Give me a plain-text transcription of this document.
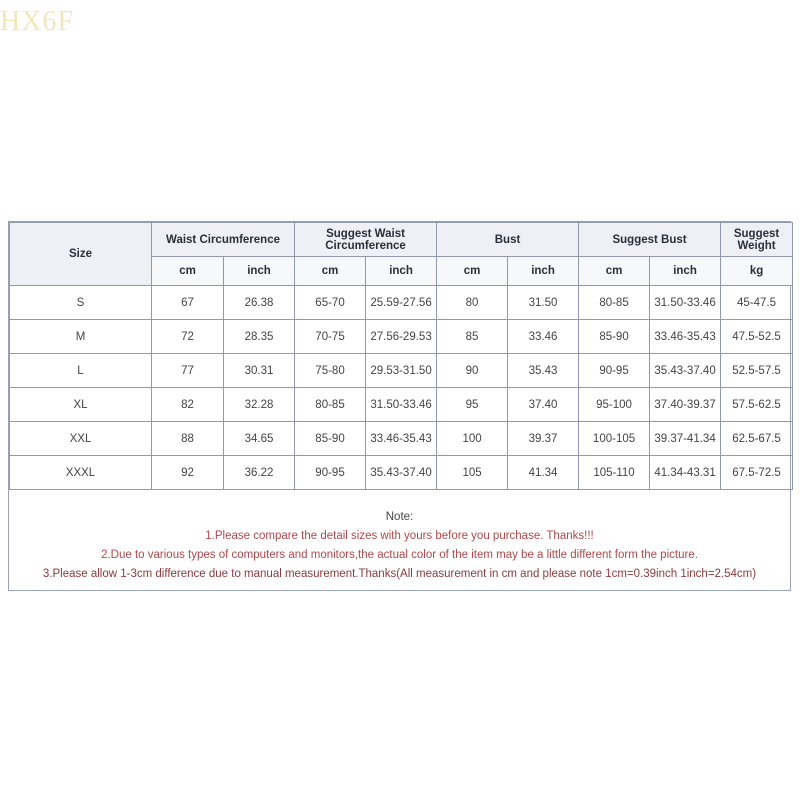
HX6F
Size	Waist Circumference		Suggest Waist Circumference		Bust		Suggest Bust		Suggest Weight
	cm	inch	cm	inch	cm	inch	cm	inch	kg
S	67	26.38	65-70	25.59-27.56	80	31.50	80-85	31.50-33.46	45-47.5
M	72	28.35	70-75	27.56-29.53	85	33.46	85-90	33.46-35.43	47.5-52.5
L	77	30.31	75-80	29.53-31.50	90	35.43	90-95	35.43-37.40	52.5-57.5
XL	82	32.28	80-85	31.50-33.46	95	37.40	95-100	37.40-39.37	57.5-62.5
XXL	88	34.65	85-90	33.46-35.43	100	39.37	100-105	39.37-41.34	62.5-67.5
XXXL	92	36.22	90-95	35.43-37.40	105	41.34	105-110	41.34-43.31	67.5-72.5
Note:
1.Please compare the detail sizes with yours before you purchase. Thanks!!!
2.Due to various types of computers and monitors,the actual color of the item may be a little different form the picture.
3.Please allow 1-3cm difference due to manual measurement.Thanks(All measurement in cm and please note 1cm=0.39inch 1inch=2.54cm)
